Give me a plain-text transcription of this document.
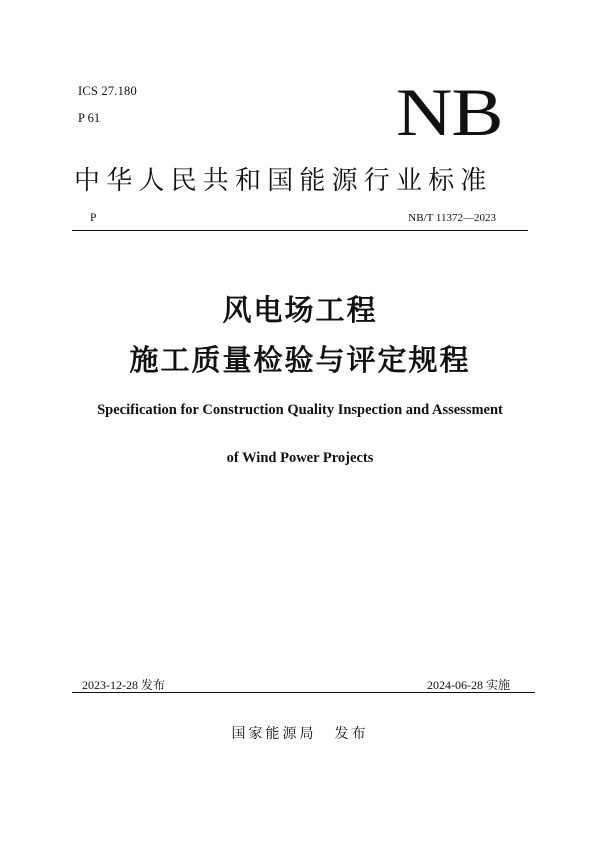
ICS 27.180
P 61	NB
中华人民共和国能源行业标准
P	NB/T 11372—2023
风电场工程
施工质量检验与评定规程
Specification for Construction Quality Inspection and Assessment
of Wind Power Projects
2023-12-28 发布	2024-06-28 实施
国家能源局 发布
